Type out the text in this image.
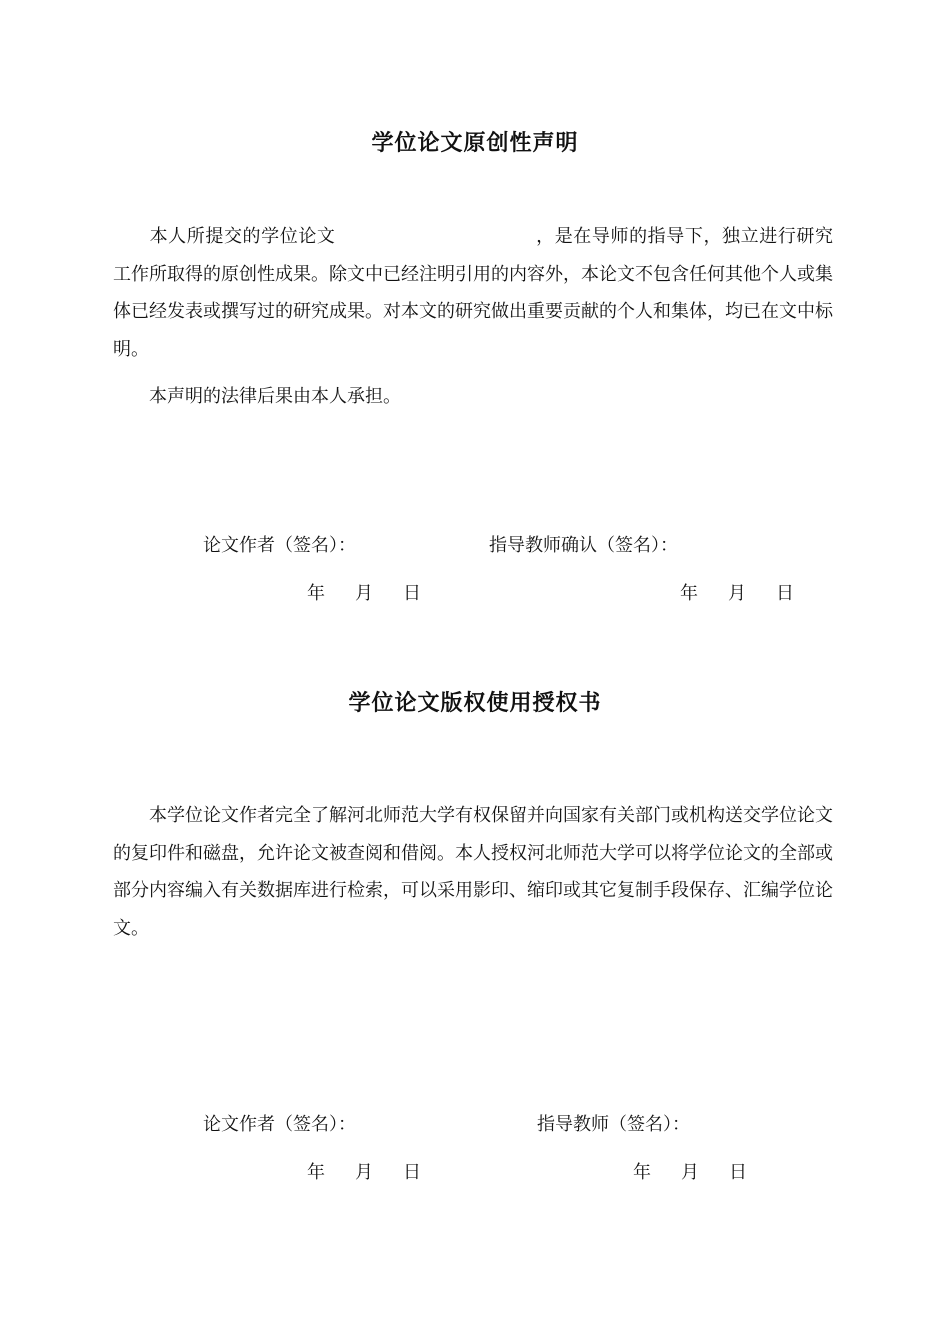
学位论文原创性声明

本人所提交的学位论文	，是在导师的指导下，独立进行研究工作所取得的原创性成果。除文中已经注明引用的内容外，本论文不包含任何其他个人或集体已经发表或撰写过的研究成果。对本文的研究做出重要贡献的个人和集体，均已在文中标明。

本声明的法律后果由本人承担。

论文作者（签名）：	指导教师确认（签名）：
年 月 日	年 月 日
学位论文版权使用授权书

本学位论文作者完全了解河北师范大学有权保留并向国家有关部门或机构送交学位论文的复印件和磁盘，允许论文被查阅和借阅。本人授权河北师范大学可以将学位论文的全部或部分内容编入有关数据库进行检索，可以采用影印、缩印或其它复制手段保存、汇编学位论文。

论文作者（签名）：	指导教师（签名）：
年 月 日	年 月 日
